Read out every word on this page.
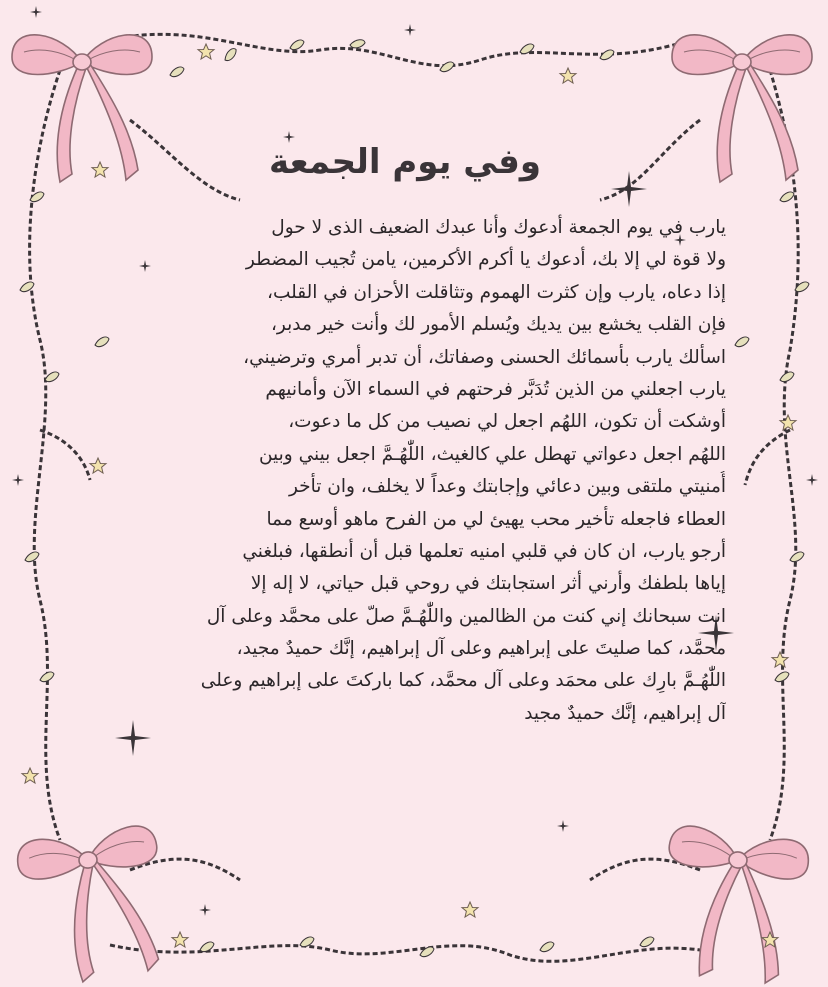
وفي يوم الجمعة
يارب في يوم الجمعة أدعوك وأنا عبدك الضعيف الذى لا حول
ولا قوة لي إلا بك، أدعوك يا أكرم الأكرمين، يامن تُجيب المضطر
إذا دعاه، يارب وإن كثرت الهموم وتثاقلت الأحزان في القلب،
فإن القلب يخشع بين يديك ويُسلم الأمور لك وأنت خير مدبر،
اسألك يارب بأسمائك الحسنى وصفاتك، أن تدبر أمري وترضيني،
يارب اجعلني من الذين تُدَبَّر فرحتهم في السماء الآن وأمانيهم
أوشكت أن تكون، اللهُم اجعل لي نصيب من كل ما دعوت،
اللهُم اجعل دعواتي تهطل علي كالغيث، اللّٰهُـمَّ اجعل بيني وبين
أُمنيتي ملتقى وبين دعائي وإجابتك وعداً لا يخلف، وان تأخر
العطاء فاجعله تأخير محب يهيئ لي من الفرح ماهو أوسع مما
أرجو يارب، ان كان في قلبي امنيه تعلمها قبل أن أنطقها، فبلغني
إياها بلطفك وأرني أثر استجابتك في روحي قبل حياتي، لا إله إلا
انت سبحانك إني كنت من الظالمين واللّٰهُـمَّ صلّ على محمَّد وعلى آل
محمَّد، كما صليتَ على إبراهيم وعلى آل إبراهيم، إنَّك حميدٌ مجيد،
اللّٰهُـمَّ بارِك على محمَد وعلى آل محمَّد، كما باركتَ على إبراهيم وعلى
آل إبراهيم، إنَّك حميدٌ مجيد
